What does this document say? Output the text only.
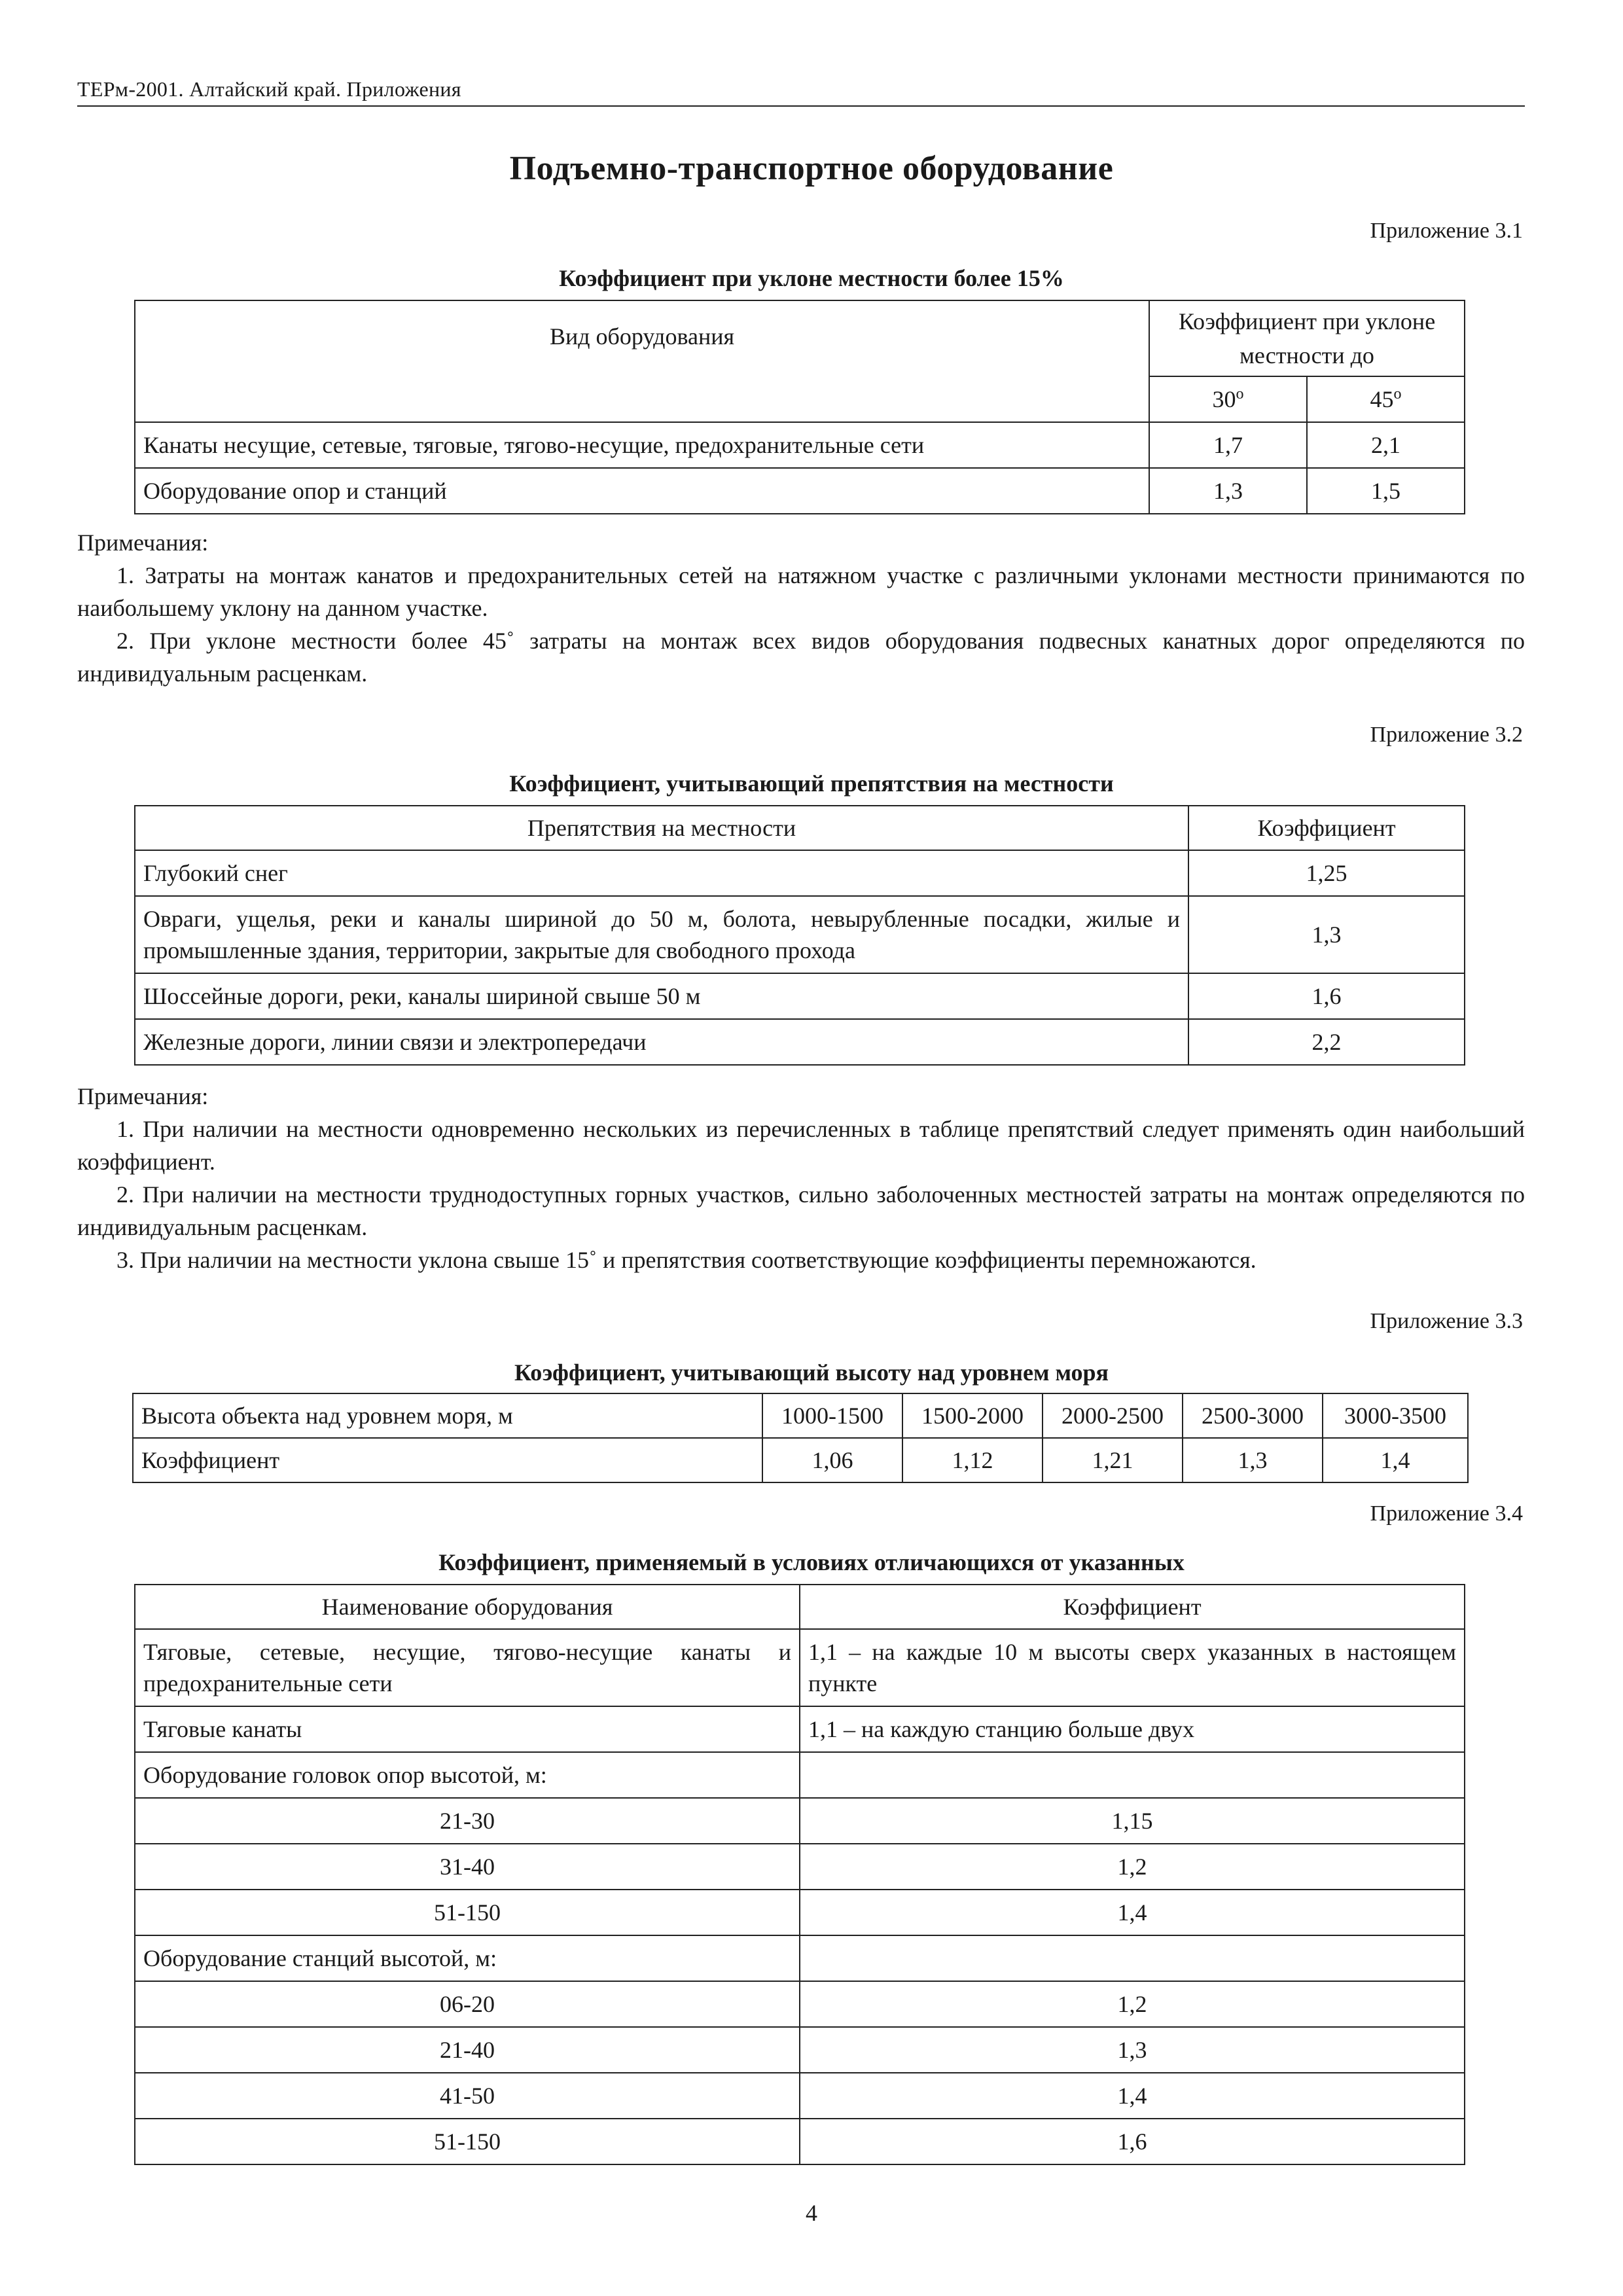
ТЕРм-2001. Алтайский край. Приложения
Подъемно-транспортное оборудование
Приложение 3.1
Коэффициент при уклоне местности более 15%
Вид оборудования	Коэффициент при уклоне местности до	
	$30^о$	$45^о$
Канаты несущие, сетевые, тяговые, тягово-несущие, предохранительные сети	1,7	2,1
Оборудование опор и станций	1,3	1,5

Примечания:

1. Затраты на монтаж канатов и предохранительных сетей на натяжном участке с различными уклонами местности принимаются по наибольшему уклону на данном участке.

2. При уклоне местности более 45˚ затраты на монтаж всех видов оборудования подвесных канатных дорог определяются по индивидуальным расценкам.

Приложение 3.2
Коэффициент, учитывающий препятствия на местности
Препятствия на местности	Коэффициент
Глубокий снег	1,25
Овраги, ущелья, реки и каналы шириной до 50 м, болота, невырубленные посадки, жилые и промышленные здания, территории, закрытые для свободного прохода	1,3
Шоссейные дороги, реки, каналы шириной свыше 50 м	1,6
Железные дороги, линии связи и электропередачи	2,2

Примечания:

1. При наличии на местности одновременно нескольких из перечисленных в таблице препятствий следует применять один наибольший коэффициент.

2. При наличии на местности труднодоступных горных участков, сильно заболоченных местностей затраты на монтаж определяются по индивидуальным расценкам.

3. При наличии на местности уклона свыше 15˚ и препятствия соответствующие коэффициенты перемножаются.

Приложение 3.3
Коэффициент, учитывающий высоту над уровнем моря
Высота объекта над уровнем моря, м	1000-1500	1500-2000	2000-2500	2500-3000	3000-3500
Коэффициент	1,06	1,12	1,21	1,3	1,4
Приложение 3.4
Коэффициент, применяемый в условиях отличающихся от указанных
Наименование оборудования	Коэффициент
Тяговые, сетевые, несущие, тягово-несущие канаты и предохранительные сети	1,1 – на каждые 10 м высоты сверх указанных в настоящем пункте
Тяговые канаты	1,1 – на каждую станцию больше двух
Оборудование головок опор высотой, м:	
21-30	1,15
31-40	1,2
51-150	1,4
Оборудование станций высотой, м:	
06-20	1,2
21-40	1,3
41-50	1,4
51-150	1,6
4
